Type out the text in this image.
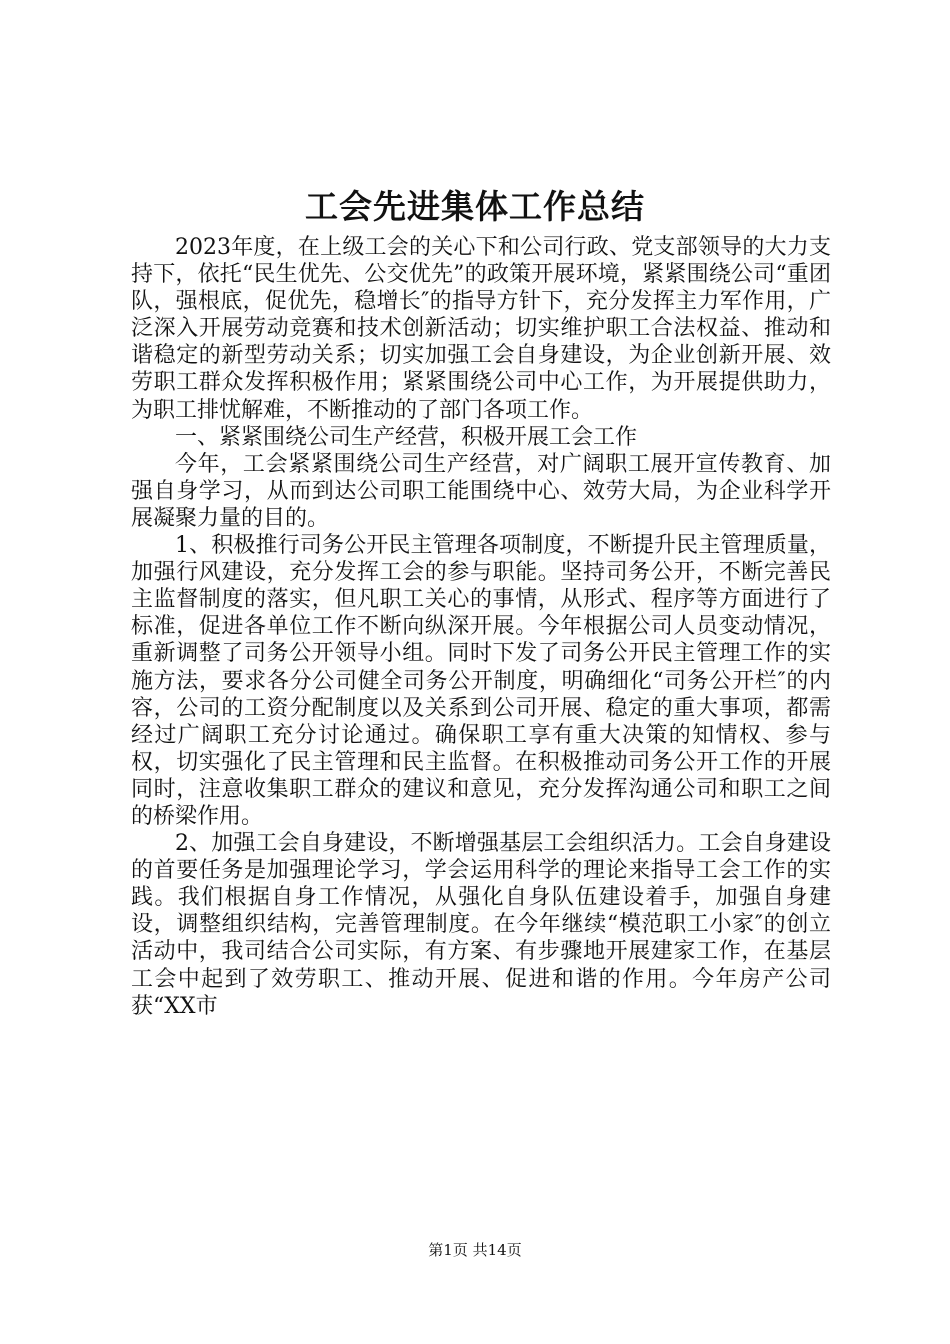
工会先进集体工作总结

2023年度，在上级工会的关心下和公司行政、党支部领导的大力支持下，依托“民生优先、公交优先”的政策开展环境，紧紧围绕公司“重团队，强根底，促优先，稳增长″的指导方针下，充分发挥主力军作用，广泛深入开展劳动竞赛和技术创新活动；切实维护职工合法权益、推动和谐稳定的新型劳动关系；切实加强工会自身建设，为企业创新开展、效劳职工群众发挥积极作用；紧紧围绕公司中心工作，为开展提供助力，为职工排忧解难，不断推动的了部门各项工作。

一、紧紧围绕公司生产经营，积极开展工会工作

今年，工会紧紧围绕公司生产经营，对广阔职工展开宣传教育、加强自身学习，从而到达公司职工能围绕中心、效劳大局，为企业科学开展凝聚力量的目的。

1、积极推行司务公开民主管理各项制度，不断提升民主管理质量，加强行风建设，充分发挥工会的参与职能。坚持司务公开，不断完善民主监督制度的落实，但凡职工关心的事情，从形式、程序等方面进行了标准，促进各单位工作不断向纵深开展。今年根据公司人员变动情况，重新调整了司务公开领导小组。同时下发了司务公开民主管理工作的实施方法，要求各分公司健全司务公开制度，明确细化“司务公开栏″的内容，公司的工资分配制度以及关系到公司开展、稳定的重大事项，都需经过广阔职工充分讨论通过。确保职工享有重大决策的知情权、参与权，切实强化了民主管理和民主监督。在积极推动司务公开工作的开展同时，注意收集职工群众的建议和意见，充分发挥沟通公司和职工之间的桥梁作用。

2、加强工会自身建设，不断增强基层工会组织活力。工会自身建设的首要任务是加强理论学习，学会运用科学的理论来指导工会工作的实践。我们根据自身工作情况，从强化自身队伍建设着手，加强自身建设，调整组织结构，完善管理制度。在今年继续“模范职工小家″的创立活动中，我司结合公司实际，有方案、有步骤地开展建家工作，在基层工会中起到了效劳职工、推动开展、促进和谐的作用。今年房产公司获“XX市

第1页 共14页
